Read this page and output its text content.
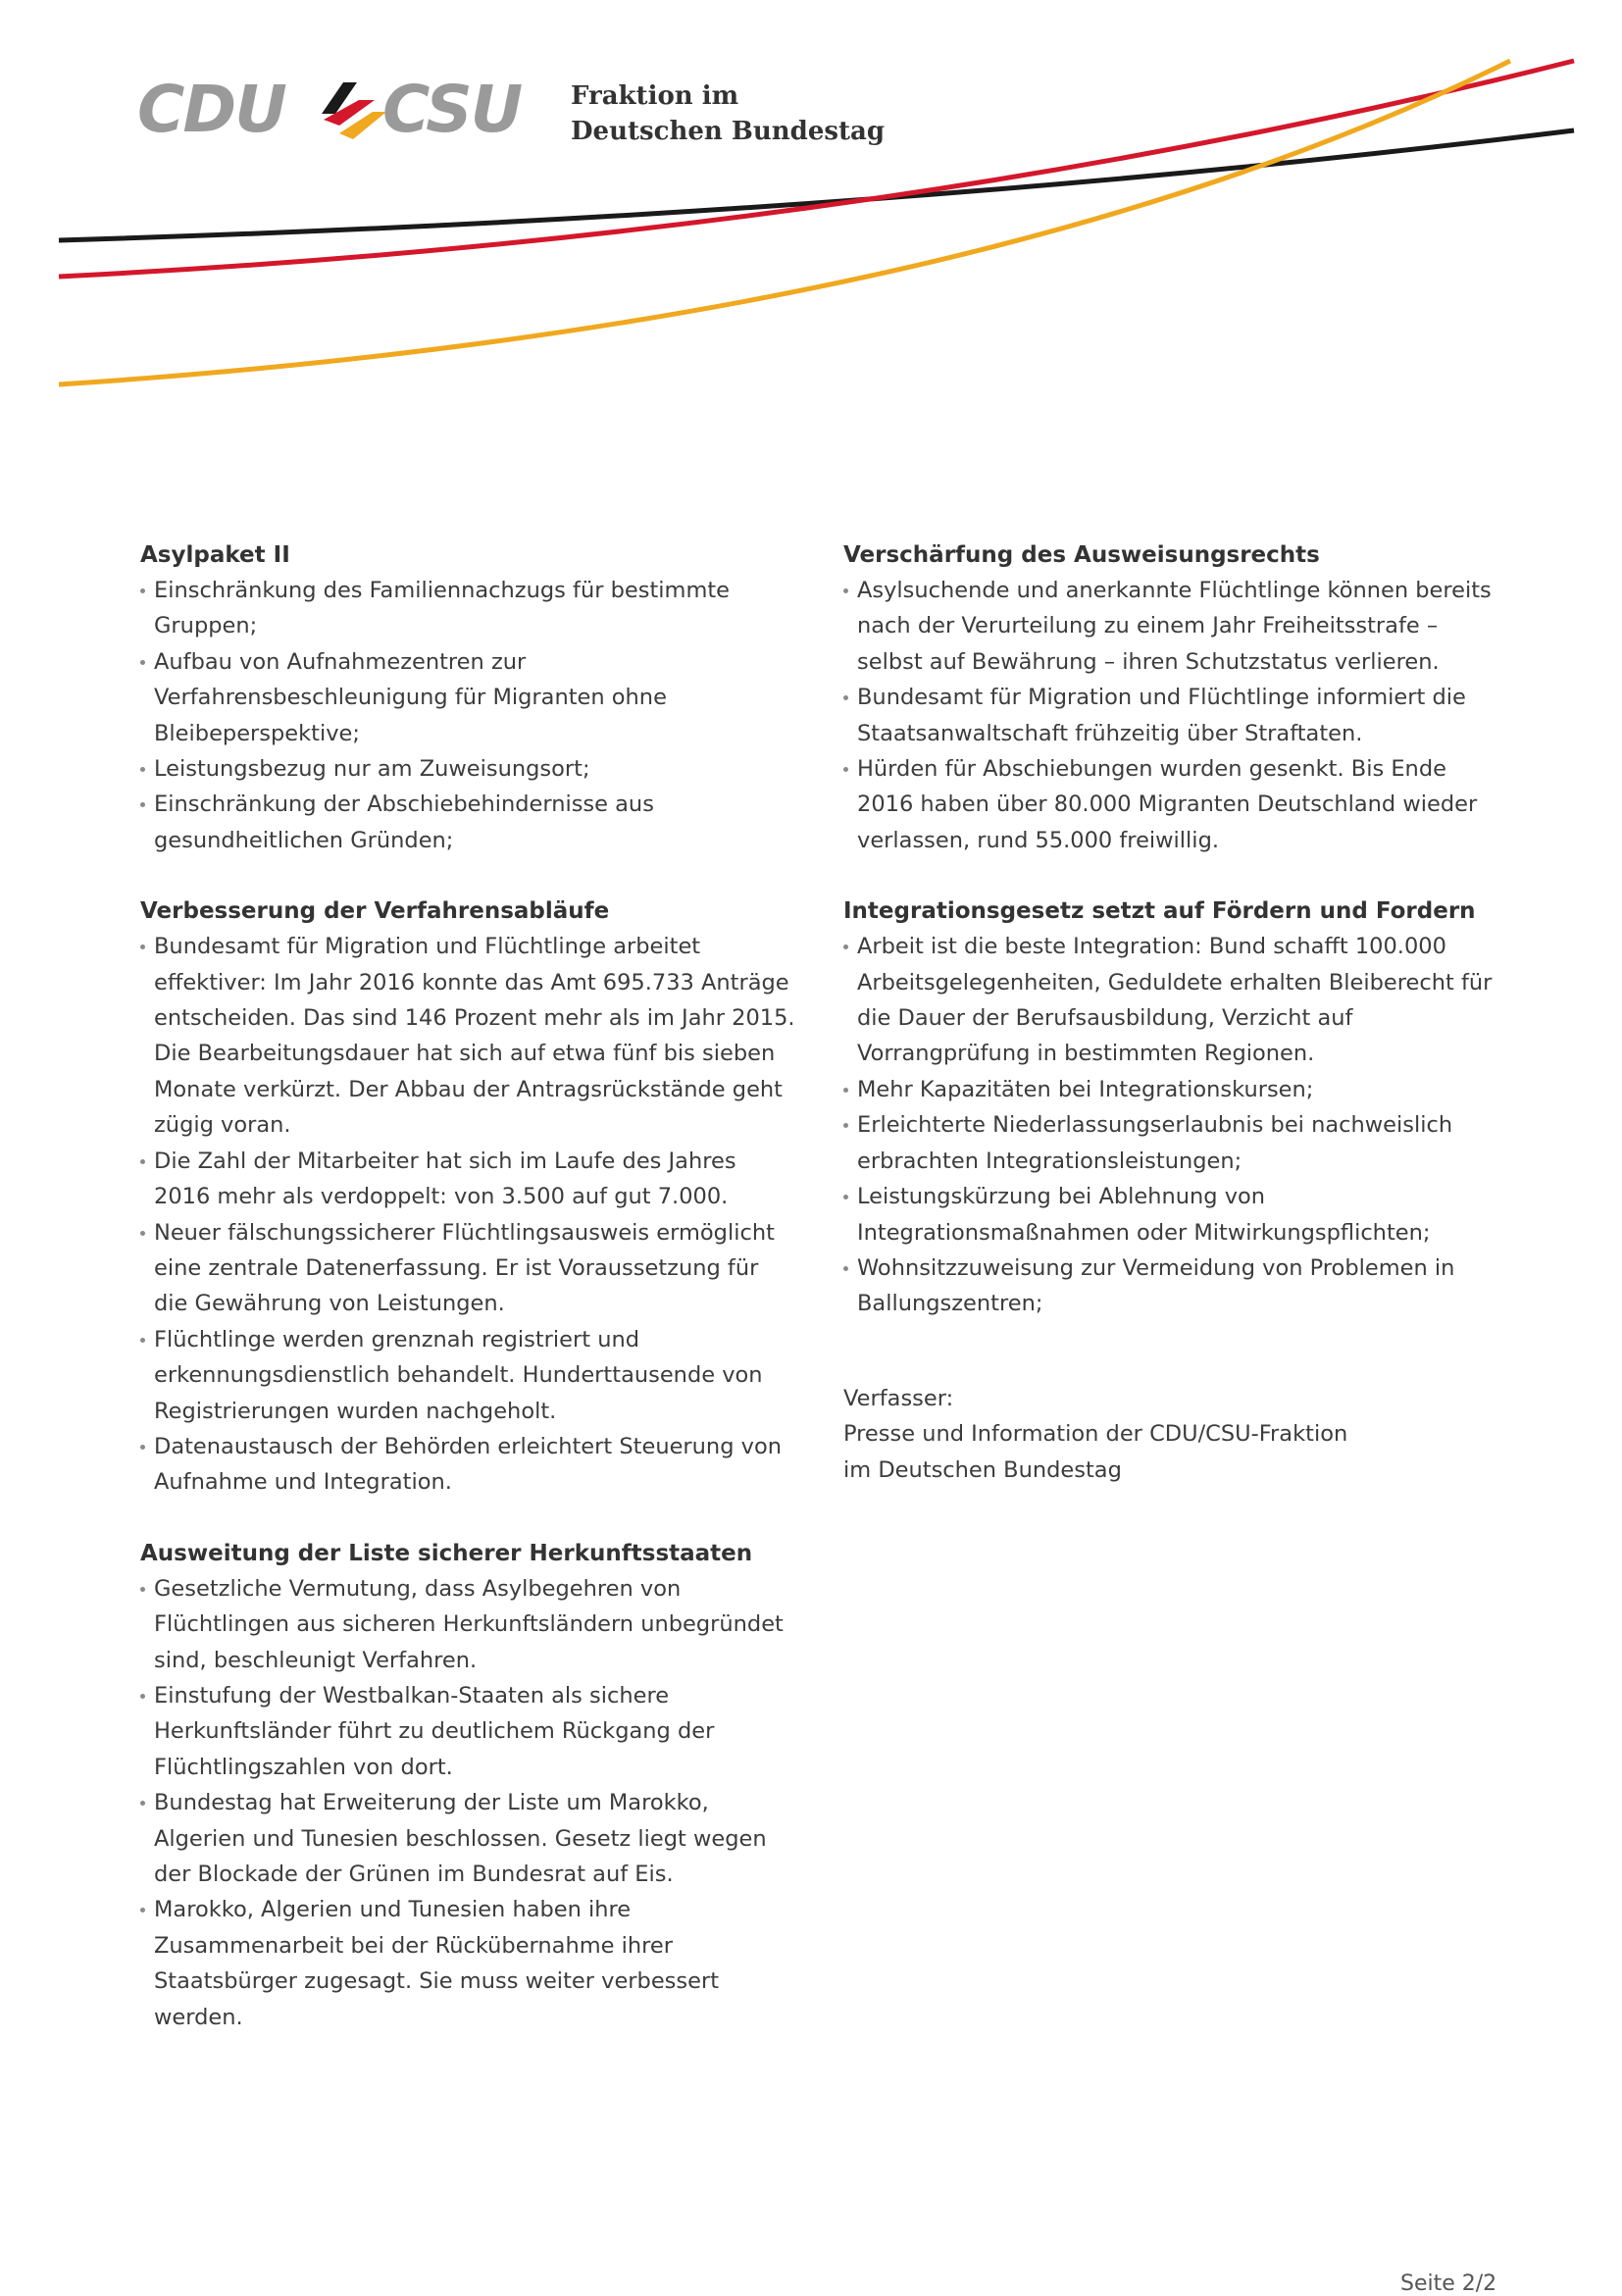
CDU CSU Fraktion im
Deutschen Bundestag
Asylpaket II
Einschränkung des Familiennachzugs für bestimmte Gruppen;
Aufbau von Aufnahmezentren zur Verfahrensbeschleunigung für Migranten ohne Bleibeperspektive;
Leistungsbezug nur am Zuweisungsort;
Einschränkung der Abschiebehindernisse aus gesundheitlichen Gründen;
Verbesserung der Verfahrensabläufe
Bundesamt für Migration und Flüchtlinge arbeitet effektiver: Im Jahr 2016 konnte das Amt 695.733 Anträge entscheiden. Das sind 146 Prozent mehr als im Jahr 2015. Die Bearbeitungsdauer hat sich auf etwa fünf bis sieben Monate verkürzt. Der Abbau der Antragsrückstände geht zügig voran.
Die Zahl der Mitarbeiter hat sich im Laufe des Jahres 2016 mehr als verdoppelt: von 3.500 auf gut 7.000.
Neuer fälschungssicherer Flüchtlingsausweis ermöglicht eine zentrale Datenerfassung. Er ist Voraussetzung für die Gewährung von Leistungen.
Flüchtlinge werden grenznah registriert und erkennungsdienstlich behandelt. Hunderttausende von Registrierungen wurden nachgeholt.
Datenaustausch der Behörden erleichtert Steuerung von Aufnahme und Integration.
Ausweitung der Liste sicherer Herkunftsstaaten
Gesetzliche Vermutung, dass Asylbegehren von Flüchtlingen aus sicheren Herkunftsländern unbegründet sind, beschleunigt Verfahren.
Einstufung der Westbalkan-Staaten als sichere Herkunftsländer führt zu deutlichem Rückgang der Flüchtlingszahlen von dort.
Bundestag hat Erweiterung der Liste um Marokko, Algerien und Tunesien beschlossen. Gesetz liegt wegen der Blockade der Grünen im Bundesrat auf Eis.
Marokko, Algerien und Tunesien haben ihre Zusammenarbeit bei der Rückübernahme ihrer Staatsbürger zugesagt. Sie muss weiter verbessert werden.
Verschärfung des Ausweisungsrechts
Asylsuchende und anerkannte Flüchtlinge können bereits nach der Verurteilung zu einem Jahr Freiheitsstrafe – selbst auf Bewährung – ihren Schutzstatus verlieren.
Bundesamt für Migration und Flüchtlinge informiert die Staatsanwaltschaft frühzeitig über Straftaten.
Hürden für Abschiebungen wurden gesenkt. Bis Ende 2016 haben über 80.000 Migranten Deutschland wieder verlassen, rund 55.000 freiwillig.
Integrationsgesetz setzt auf Fördern und Fordern
Arbeit ist die beste Integration: Bund schafft 100.000 Arbeitsgelegenheiten, Geduldete erhalten Bleiberecht für die Dauer der Berufsausbildung, Verzicht auf Vorrangprüfung in bestimmten Regionen.
Mehr Kapazitäten bei Integrationskursen;
Erleichterte Niederlassungserlaubnis bei nachweislich erbrachten Integrationsleistungen;
Leistungskürzung bei Ablehnung von Integrationsmaßnahmen oder Mitwirkungspflichten;
Wohnsitzzuweisung zur Vermeidung von Problemen in Ballungszentren;
Verfasser:
Presse und Information der CDU/CSU-Fraktion
im Deutschen Bundestag
Seite 2/2
